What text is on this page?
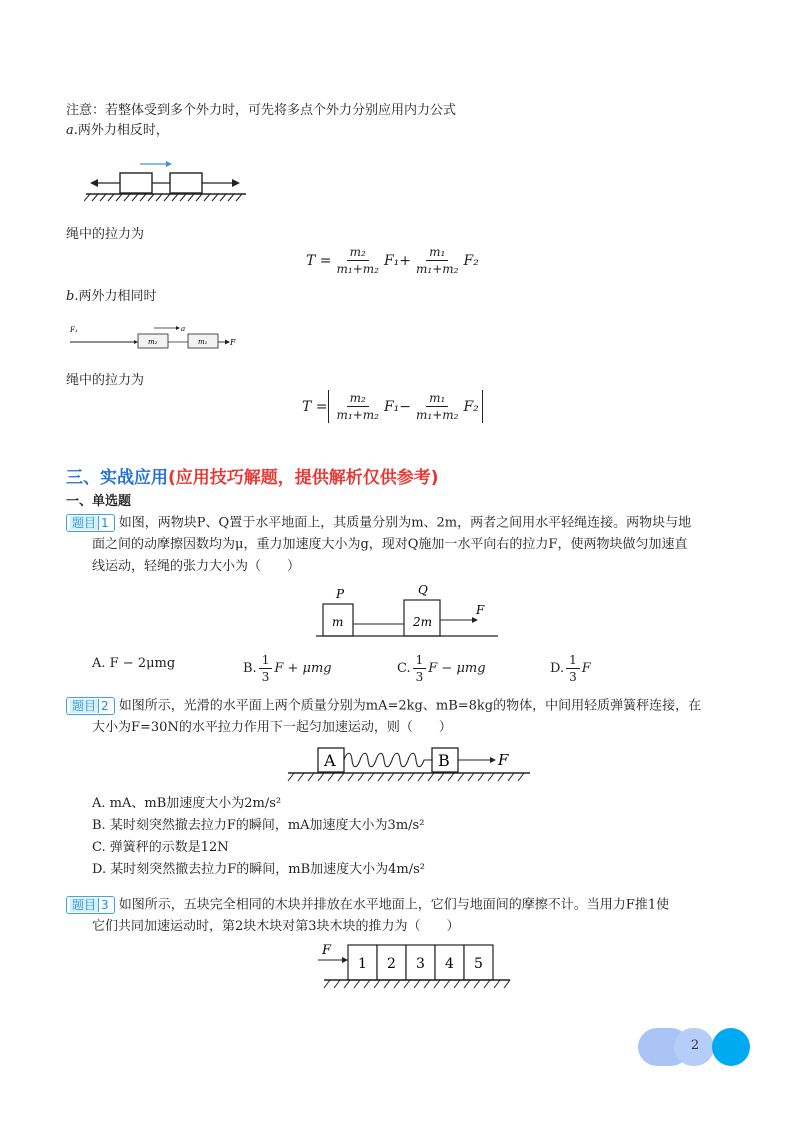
注意：若整体受到多个外力时，可先将多点个外力分别应用内力公式
a.两外力相反时，
绳中的拉力为
$T = \frac{\text{m₂}}{\text{m₁+m₂}} F_1 + \frac{\text{m₁}}{\text{m₁+m₂}} F_2$
b.两外力相同时
F₁	a
m₂	m₁	F
绳中的拉力为
$T = \frac{\text{m₂}}{\text{m₁+m₂}} F_1 - \frac{\text{m₁}}{\text{m₁+m₂}} F_2$
三、实战应用(应用技巧解题，提供解析仅供参考)
一、单选题
题目 1 如图，两物块P、Q置于水平地面上，其质量分别为m、2m，两者之间用水平轻绳连接。两物块与地
面之间的动摩擦因数均为μ，重力加速度大小为g，现对Q施加一水平向右的拉力F，使两物块做匀加速直
线运动，轻绳的张力大小为（　　）
P	Q
m	2m
F
A. F − 2μmg	B. $\frac{1}{3}$ F + μmg	C. $\frac{1}{3}$ F − μmg	D. $\frac{1}{3}$ F
题目 2 如图所示，光滑的水平面上两个质量分别为mA=2kg、mB=8kg的物体，中间用轻质弹簧秤连接，在
大小为F=30N的水平拉力作用下一起匀加速运动，则（　　）
A	B	F
A. mA、mB加速度大小为2m/s²
B. 某时刻突然撤去拉力F的瞬间，mA加速度大小为3m/s²
C. 弹簧秤的示数是12N
D. 某时刻突然撤去拉力F的瞬间，mB加速度大小为4m/s²
题目 3 如图所示，五块完全相同的木块并排放在水平地面上，它们与地面间的摩擦不计。当用力F推1使
它们共同加速运动时，第2块木块对第3块木块的推力为（　　）
F
1 2 3 4 5
2
